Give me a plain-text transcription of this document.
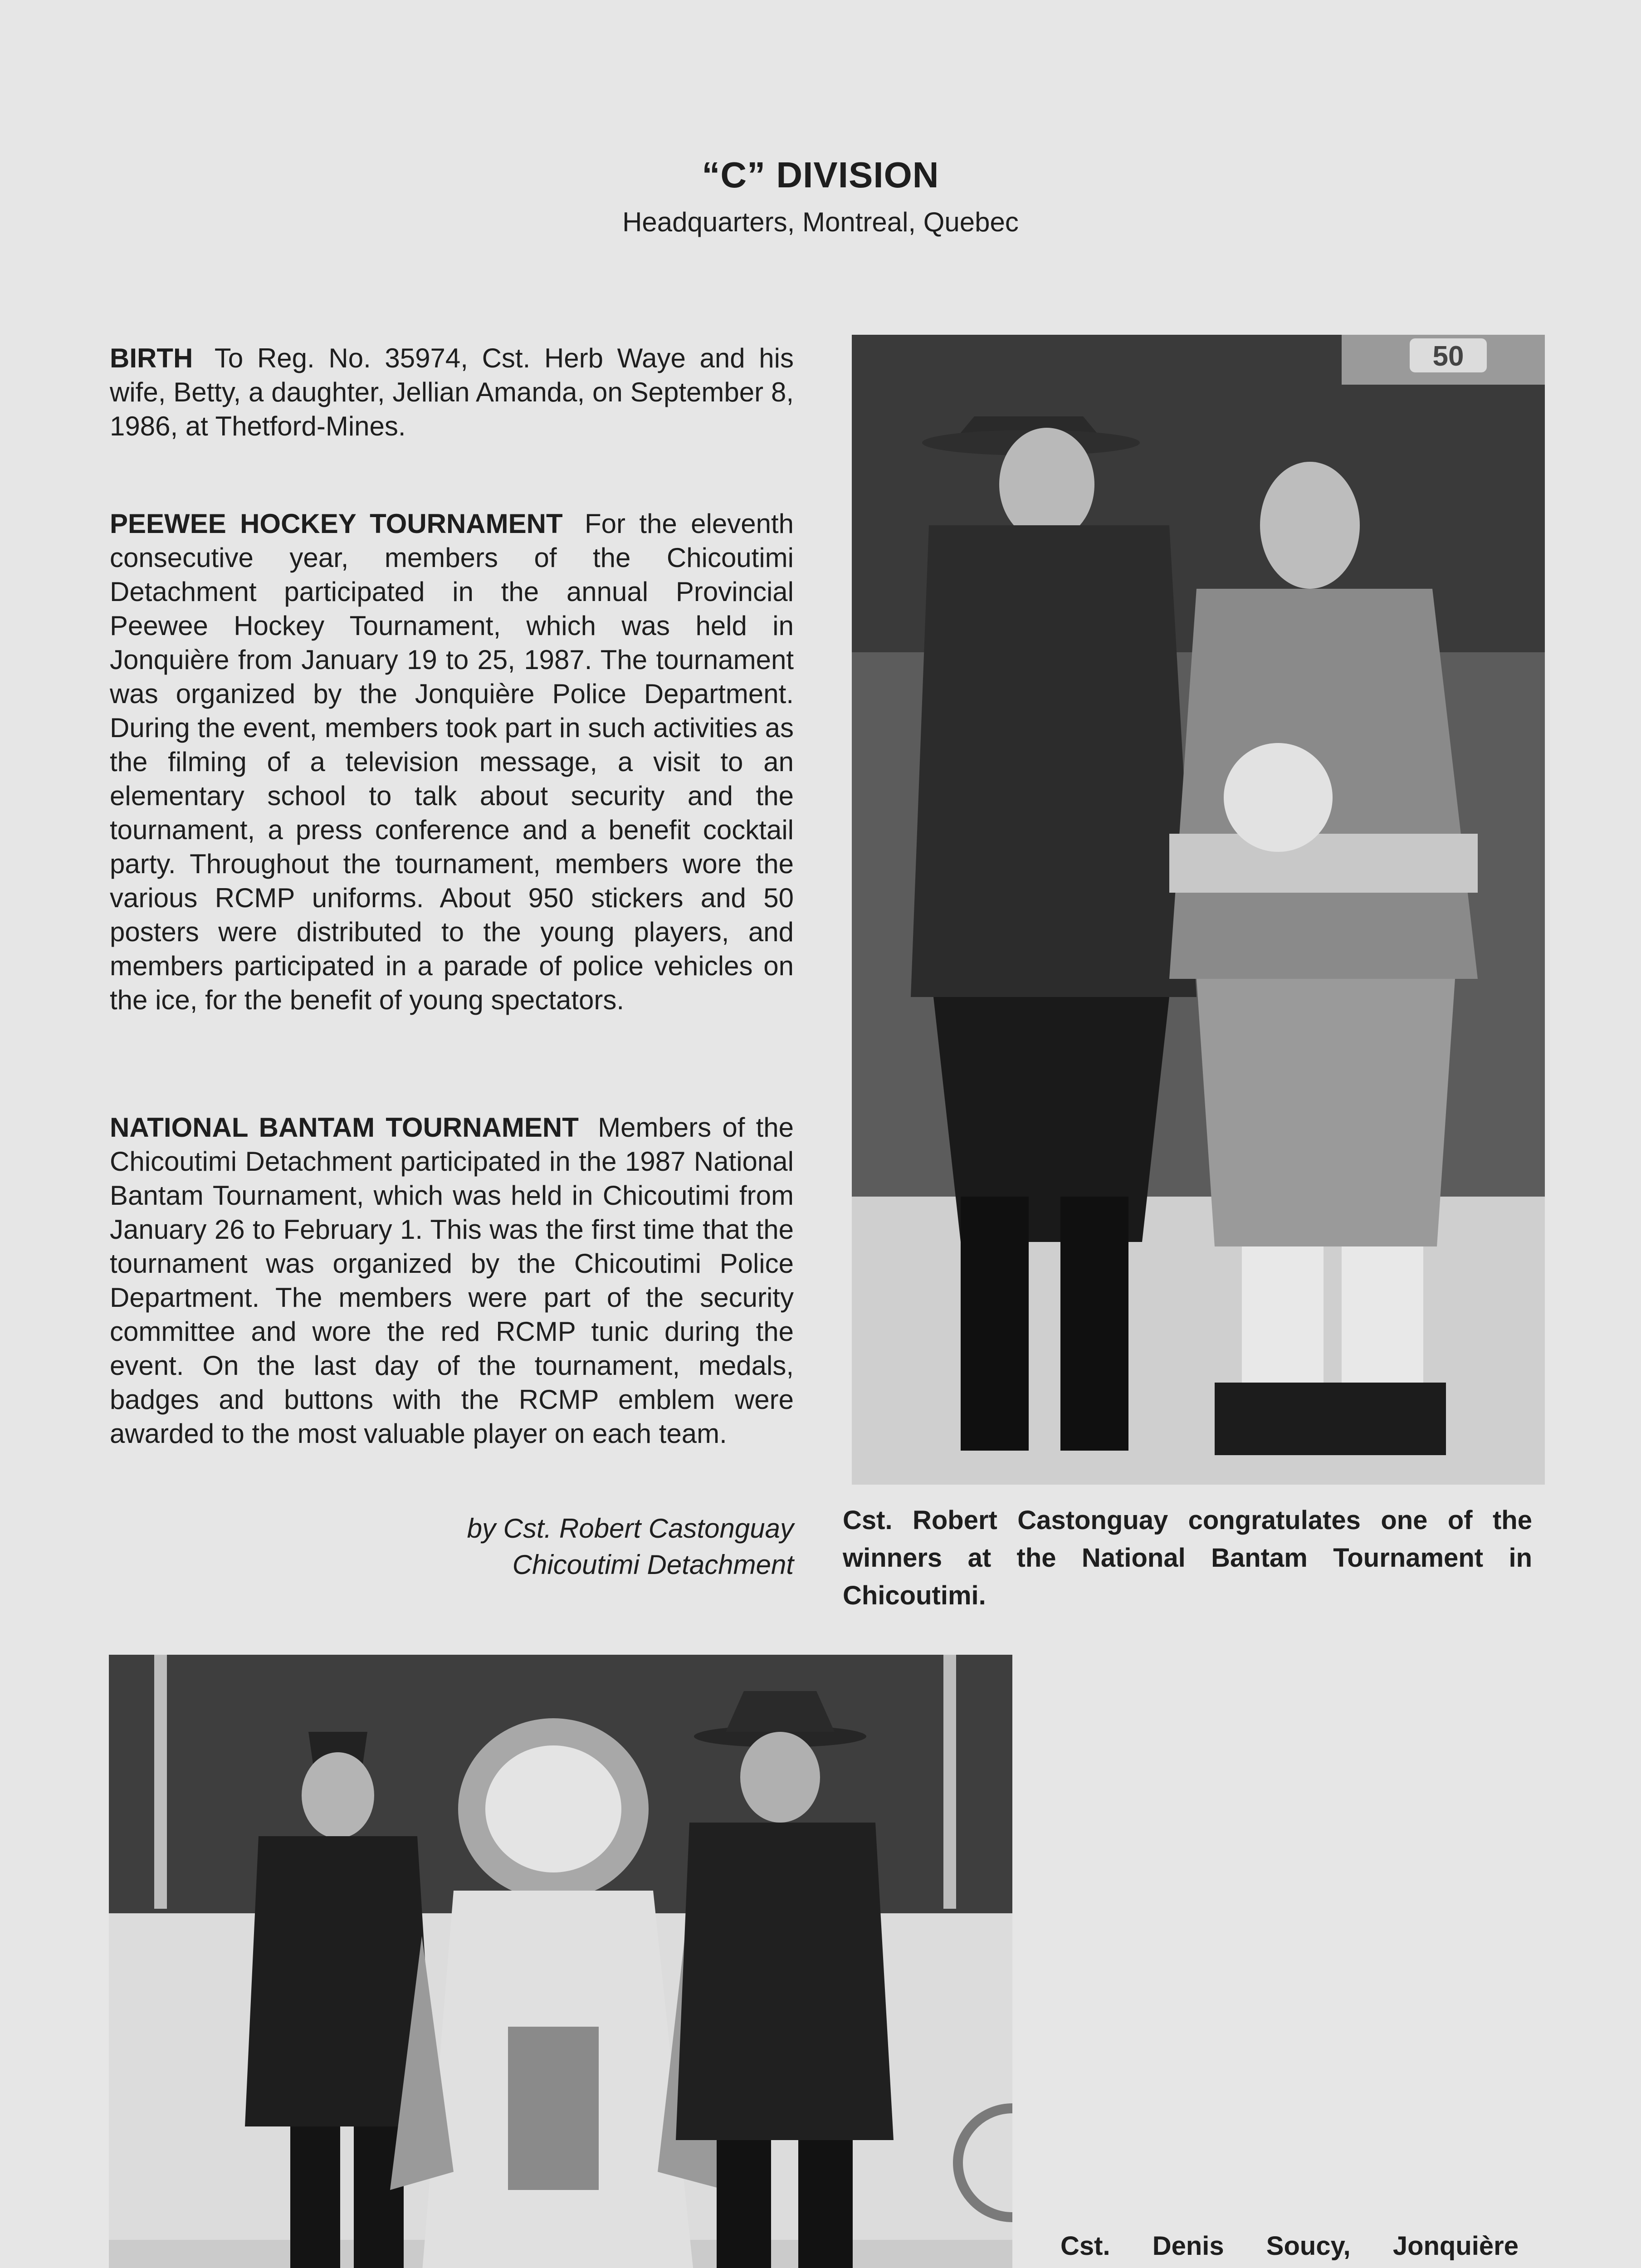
“C” DIVISION
Headquarters, Montreal, Quebec
BIRTH To Reg. No. 35974, Cst. Herb Waye and his wife, Betty, a daughter, Jellian Amanda, on September 8, 1986, at Thetford-Mines.
PEEWEE HOCKEY TOURNAMENT For the eleventh consecutive year, members of the Chicoutimi Detachment participated in the annual Provincial Peewee Hockey Tournament, which was held in Jonquière from January 19 to 25, 1987. The tournament was organized by the Jonquière Police Department. During the event, members took part in such activities as the filming of a television message, a visit to an elementary school to talk about security and the tournament, a press conference and a benefit cocktail party. Throughout the tournament, members wore the various RCMP uniforms. About 950 stickers and 50 posters were distributed to the young players, and members participated in a parade of police vehicles on the ice, for the benefit of young spectators.
NATIONAL BANTAM TOURNAMENT Members of the Chicoutimi Detachment participated in the 1987 National Bantam Tournament, which was held in Chicoutimi from January 26 to February 1. This was the first time that the tournament was organized by the Chicoutimi Police Department. The members were part of the security committee and wore the red RCMP tunic during the event. On the last day of the tournament, medals, badges and buttons with the RCMP emblem were awarded to the most valuable player on each team.
by Cst. Robert Castonguay
Chicoutimi Detachment
50
Cst. Robert Castonguay congratulates one of the winners at the National Bantam Tournament in Chicoutimi.
Cst. Denis Soucy, Jonquière
